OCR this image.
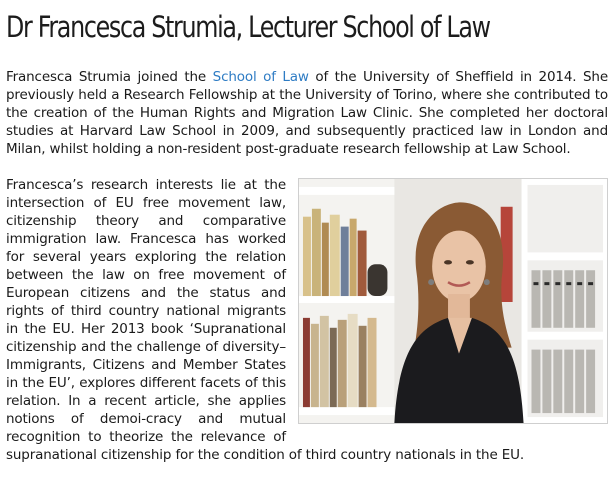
Dr Francesca Strumia, Lecturer School of Law

Francesca Strumia joined the School of Law of the University of Sheffield in 2014. She previously held a Research Fellowship at the University of Torino, where she contributed to the creation of the Human Rights and Migration Law Clinic. She completed her doctoral studies at Harvard Law School in 2009, and subsequently practiced law in London and Milan, whilst holding a non-resident post-graduate research fellowship at Law School.

Francesca’s research interests lie at the intersection of EU free movement law, citizenship theory and comparative immigration law. Francesca has worked for several years exploring the relation between the law on free movement of European citizens and the status and rights of third country national migrants in the EU. Her 2013 book ‘Supranational citizenship and the challenge of diversity–Immigrants, Citizens and Member States in the EU’, explores different facets of this relation. In a recent article, she applies notions of demoi-cracy and mutual recognition to theorize the relevance of supranational citizenship for the condition of third country nationals in the EU.
